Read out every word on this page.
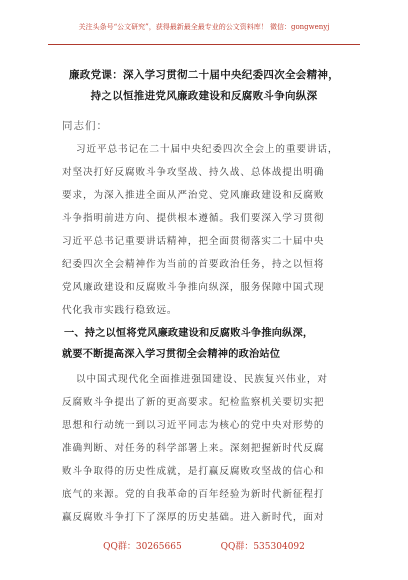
关注头条号“公文研究”，获得最新最全最专业的公文资料库！ 微信：gongwenyj
廉政党课：深入学习贯彻二十届中央纪委四次全会精神，
持之以恒推进党风廉政建设和反腐败斗争向纵深
同志们：
习近平总书记在二十届中央纪委四次全会上的重要讲话，
对坚决打好反腐败斗争攻坚战、持久战、总体战提出明确
要求，为深入推进全面从严治党、党风廉政建设和反腐败
斗争指明前进方向、提供根本遵循。我们要深入学习贯彻
习近平总书记重要讲话精神，把全面贯彻落实二十届中央
纪委四次全会精神作为当前的首要政治任务，持之以恒将
党风廉政建设和反腐败斗争推向纵深，服务保障中国式现
代化我市实践行稳致远。
一、持之以恒将党风廉政建设和反腐败斗争推向纵深，
就要不断提高深入学习贯彻全会精神的政治站位
以中国式现代化全面推进强国建设、民族复兴伟业，对
反腐败斗争提出了新的更高要求。纪检监察机关要切实把
思想和行动统一到以习近平同志为核心的党中央对形势的
准确判断、对任务的科学部署上来。深刻把握新时代反腐
败斗争取得的历史性成就，是打赢反腐败攻坚战的信心和
底气的来源。党的自我革命的百年经验为新时代新征程打
赢反腐败斗争打下了深厚的历史基础。进入新时代，面对
QQ群：30265665	QQ群：535304092
